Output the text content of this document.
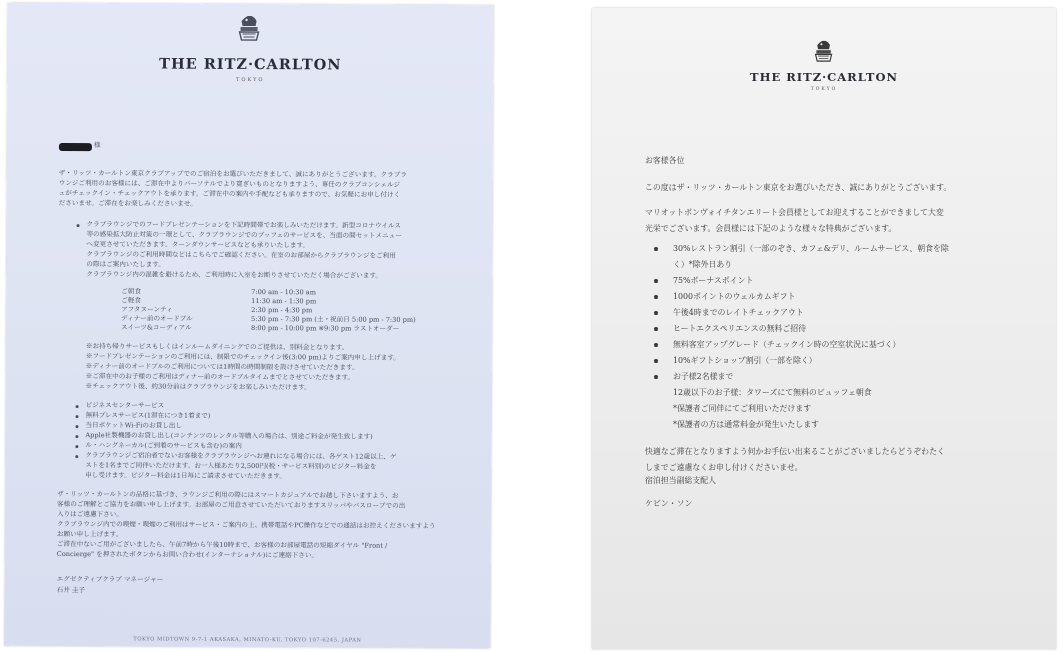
THE RITZ·CARLTON
TOKYO
様
ザ・リッツ・カールトン東京クラブアップでのご宿泊をお選びいただきまして、誠にありがとうございます。クラブラ
ウンジご利用のお客様には、ご滞在中よりパーソナルでより寛ぎいものとなりますよう、専任のクラブコンシェルジ
ュがチェックイン・チェックアウトを承ります。ご滞在中の案内や手配なども承りますので、お気軽にお申し付けく
ださいませ。ご滞在をお楽しみくださいませ。
クラブラウンジでのフードプレゼンテーションを下記時間帯でお楽しみいただけます。新型コロナウイルス
等の感染拡大防止対策の一環として、クラブラウンジでのブッフェのサービスを、当面の間セットメニュー
へ変更させていただきます。ターンダウンサービスなども承りいたします。
クラブラウンジのご利用時間などはこちらでご確認ください。在室のお部屋からクラブラウンジをご利用
の際はご案内いたします。
クラブラウンジ内の混雑を避けるため、ご利用時に入室をお断りさせていただく場合がございます。
ご朝食	7:00 am - 10:30 am
ご軽食	11:30 am - 1:30 pm
アフタヌーンティ	2:30 pm - 4:30 pm
ディナー前のオードブル	5:30 pm - 7:30 pm (土・祝前日 5:00 pm - 7:30 pm)
スイーツ&コーディアル	8:00 pm - 10:00 pm ※9:30 pm ラストオーダー
※お持ち帰りサービスもしくはインルームダイニングでのご提供は、別料金となります。
※フードプレゼンテーションのご利用には、制限でのチェックイン後(3:00 pm)よりご案内申し上げます。
※ディナー前のオードブルのご利用については1時間の時間制限を設けさせていただきます。
※ご滞在中のお子様のご利用はディナー前のオードブルタイムまでとさせていただきます。
※チェックアウト後、約30分前はクラブラウンジをお楽しみいただけます。
ビジネスセンターサービス
無料プレスサービス(1滞在につき1着まで)
当日ポケットWi-Fiのお貸し出し
Apple社製機器のお貸し出し(コンテンツのレンタル等購入の場合は、別途ご料金が発生致します)
ル・ハングネーカル(ご到着のサービスも含む)の案内
クラブラウンジご宿泊者でないお客様をクラブラウンジへお連れになる場合には、各ゲスト12歳以上、ゲ
ストを1名までご同伴いただけます。お一人様あたり2,500円(税・サービス料別)のビジター料金を
申し受けます。ビジター料金は1日毎にご請求させていただきます。
ザ・リッツ・カールトンの品格に基づき、ラウンジご利用の際にはスマートカジュアルでお越し下さいますよう、お
客様のご理解とご協力をお願い申し上げます。お部屋のご用意させていただいておりますスリッパやバスローブでの出
入りはご遠慮下さい。
クラブラウンジ内での喫煙・喫煙のご利用はサービス・ご案内の上、携帯電話やPC操作などでの通話はお控えくださいますよう
お願い申し上げます。
ご滞在中ないご用がございましたら、午前7時から午後10時まで、お客様のお部屋電話の短縮ダイヤル "Front /
Concierge" を押されたボタンからお問い合わせ(インターナショナル)にご連絡下さい。
エグゼクティブクラブ マネージャー
石井 圭子
TOKYO MIDTOWN 9-7-1 AKASAKA, MINATO-KU, TOKYO 107-6245, JAPAN
THE RITZ·CARLTON
TOKYO
お客様各位
この度はザ・リッツ・カールトン東京をお選びいただき、誠にありがとうございます。
マリオットボンヴォイチタンエリート会員様としてお迎えすることができまして大変
光栄でございます。会員様には下記のような様々な特典がございます。
30%レストラン割引（一部のぞき、カフェ&デリ、ルームサービス、朝食を除
く）*除外日あり
75%ボーナスポイント
1000ポイントのウェルカムギフト
午後4時までのレイトチェックアウト
ヒートエクスペリエンスの無料ご招待
無料客室アップグレード（チェックイン時の空室状況に基づく）
10%ギフトショップ割引（一部を除く）
お子様2名様まで
12歳以下のお子様：タワーズにて無料のビュッフェ朝食
*保護者ご同伴にてご利用いただけます
*保護者の方は通常料金が発生いたします
快適なご滞在となりますよう何かお手伝い出来ることがございましたらどうぞわたく
しまでご遠慮なくお申し付けくださいませ。
宿泊担当副総支配人
ケビン・ソン
